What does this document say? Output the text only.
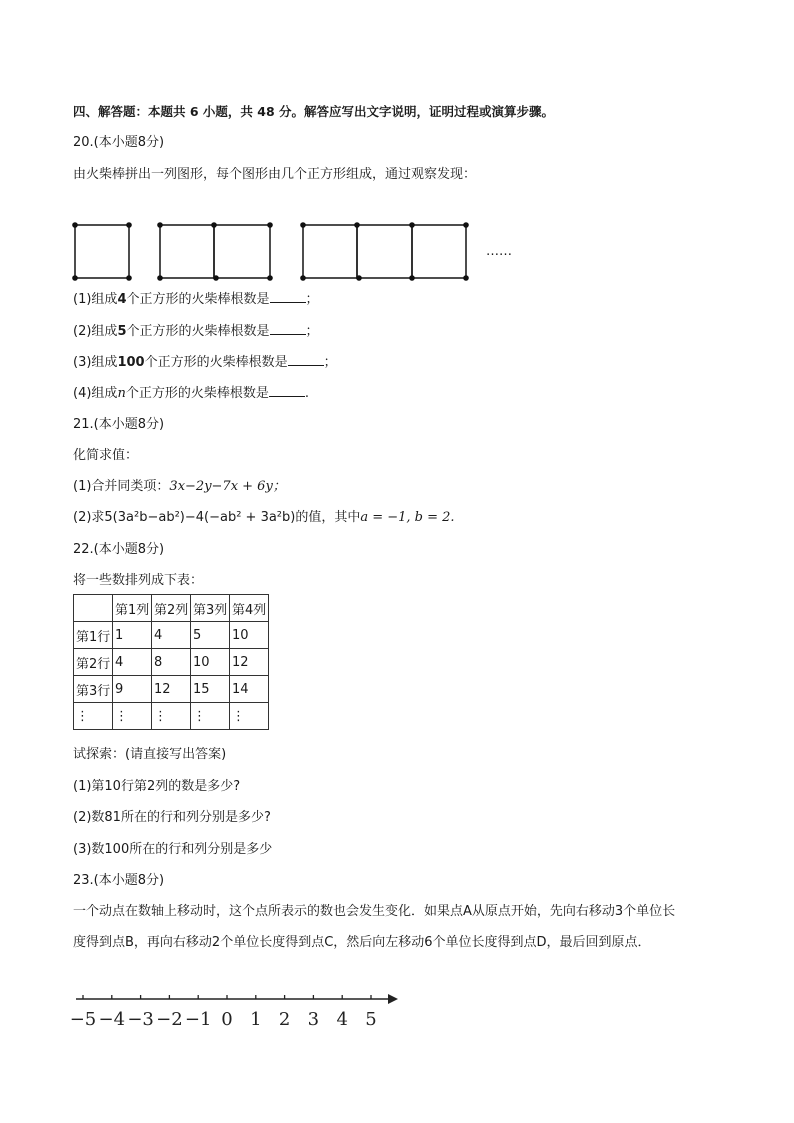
四、解答题：本题共 6 小题，共 48 分。解答应写出文字说明，证明过程或演算步骤。
20.(本小题8分)
由火柴棒拼出一列图形，每个图形由几个正方形组成，通过观察发现：
……
(1)组成4个正方形的火柴棒根数是	；
(2)组成5个正方形的火柴棒根数是	；
(3)组成100个正方形的火柴棒根数是	；
(4)组成n个正方形的火柴棒根数是	.
21.(本小题8分)
化简求值：
(1)合并同类项：3x−2y−7x + 6y；
(2)求5(3a²b−ab²)−4(−ab² + 3a²b)的值，其中a = −1, b = 2.
22.(本小题8分)
将一些数排列成下表：
	第1列	第2列	第3列	第4列
第1行	1	4	5	10
第2行	4	8	10	12
第3行	9	12	15	14
⋮	⋮	⋮	⋮	⋮
试探索：(请直接写出答案)
(1)第10行第2列的数是多少?
(2)数81所在的行和列分别是多少?
(3)数100所在的行和列分别是多少
23.(本小题8分)
一个动点在数轴上移动时，这个点所表示的数也会发生变化．如果点A从原点开始，先向右移动3个单位长
度得到点B，再向右移动2个单位长度得到点C，然后向左移动6个单位长度得到点D，最后回到原点．
−5 −4 −3 −2 −1 0 1 2 3 4 5
